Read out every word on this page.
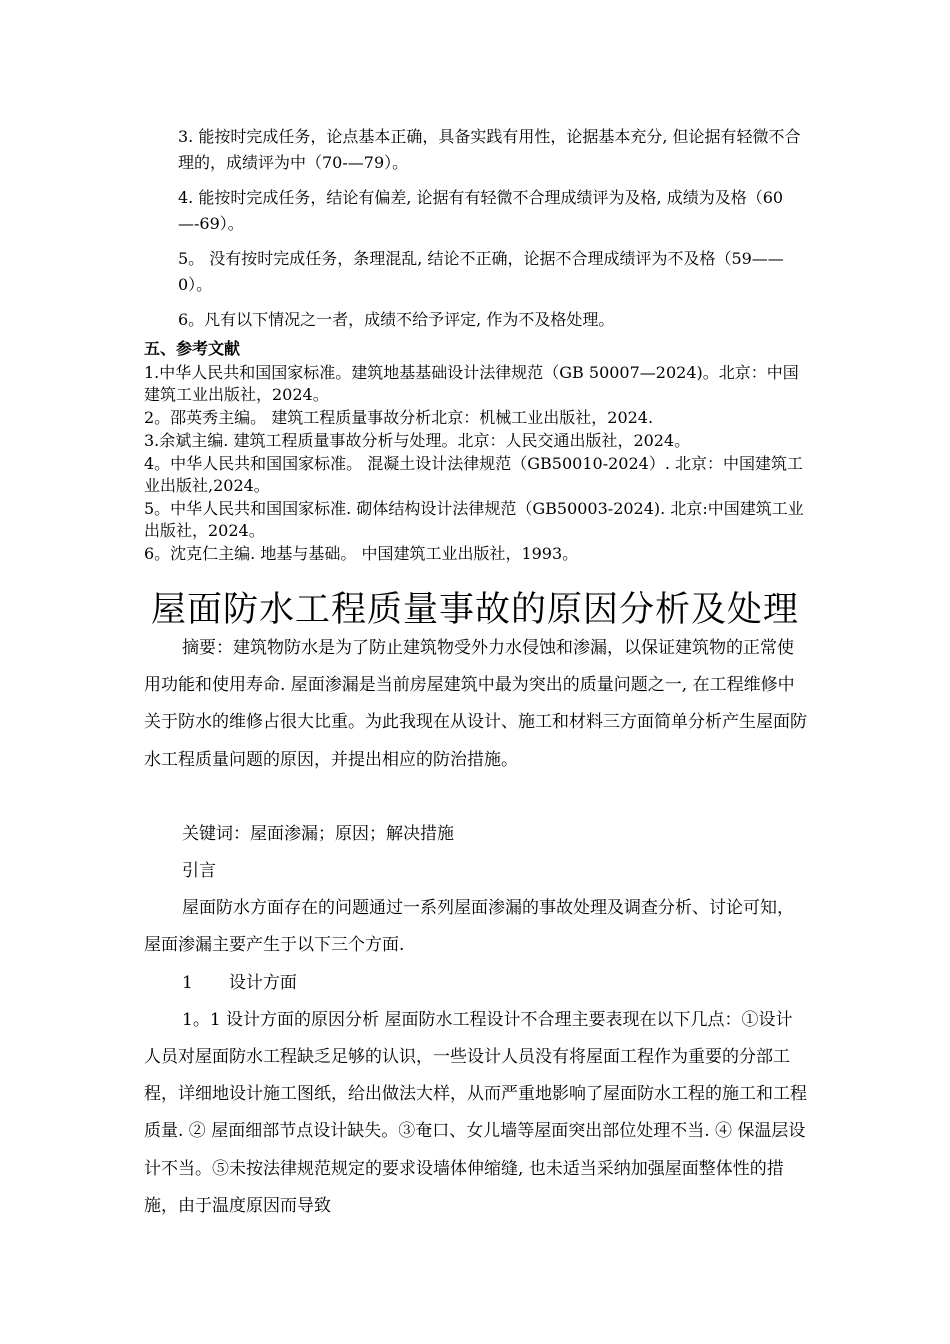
3. 能按时完成任务，论点基本正确，具备实践有用性，论据基本充分, 但论据有轻微不合理的，成绩评为中（70-—79）。

4. 能按时完成任务，结论有偏差, 论据有有轻微不合理成绩评为及格, 成绩为及格（60—-69）。

5。 没有按时完成任务，条理混乱, 结论不正确，论据不合理成绩评为不及格（59——0）。

6。凡有以下情况之一者，成绩不给予评定, 作为不及格处理。

五、参考文献

1.中华人民共和国国家标准。建筑地基基础设计法律规范（GB 50007—2024)。北京：中国建筑工业出版社，2024。

2。邵英秀主编。 建筑工程质量事故分析北京：机械工业出版社，2024.

3.余斌主编. 建筑工程质量事故分析与处理。北京：人民交通出版社，2024。

4。中华人民共和国国家标准。 混凝土设计法律规范（GB50010-2024）. 北京：中国建筑工业出版社,2024。

5。中华人民共和国国家标准. 砌体结构设计法律规范（GB50003-2024). 北京:中国建筑工业出版社，2024。

6。沈克仁主编. 地基与基础。 中国建筑工业出版社，1993。

屋面防水工程质量事故的原因分析及处理

摘要：建筑物防水是为了防止建筑物受外力水侵蚀和渗漏，以保证建筑物的正常使用功能和使用寿命. 屋面渗漏是当前房屋建筑中最为突出的质量问题之一, 在工程维修中关于防水的维修占很大比重。为此我现在从设计、施工和材料三方面简单分析产生屋面防水工程质量问题的原因，并提出相应的防治措施。

关键词：屋面渗漏；原因；解决措施

引言

屋面防水方面存在的问题通过一系列屋面渗漏的事故处理及调查分析、讨论可知，屋面渗漏主要产生于以下三个方面.

1 设计方面

1。1 设计方面的原因分析 屋面防水工程设计不合理主要表现在以下几点：①设计人员对屋面防水工程缺乏足够的认识，一些设计人员没有将屋面工程作为重要的分部工程，详细地设计施工图纸，给出做法大样，从而严重地影响了屋面防水工程的施工和工程质量. ② 屋面细部节点设计缺失。③奄口、女儿墙等屋面突出部位处理不当. ④ 保温层设计不当。⑤未按法律规范规定的要求设墙体伸缩缝, 也未适当采纳加强屋面整体性的措施，由于温度原因而导致
